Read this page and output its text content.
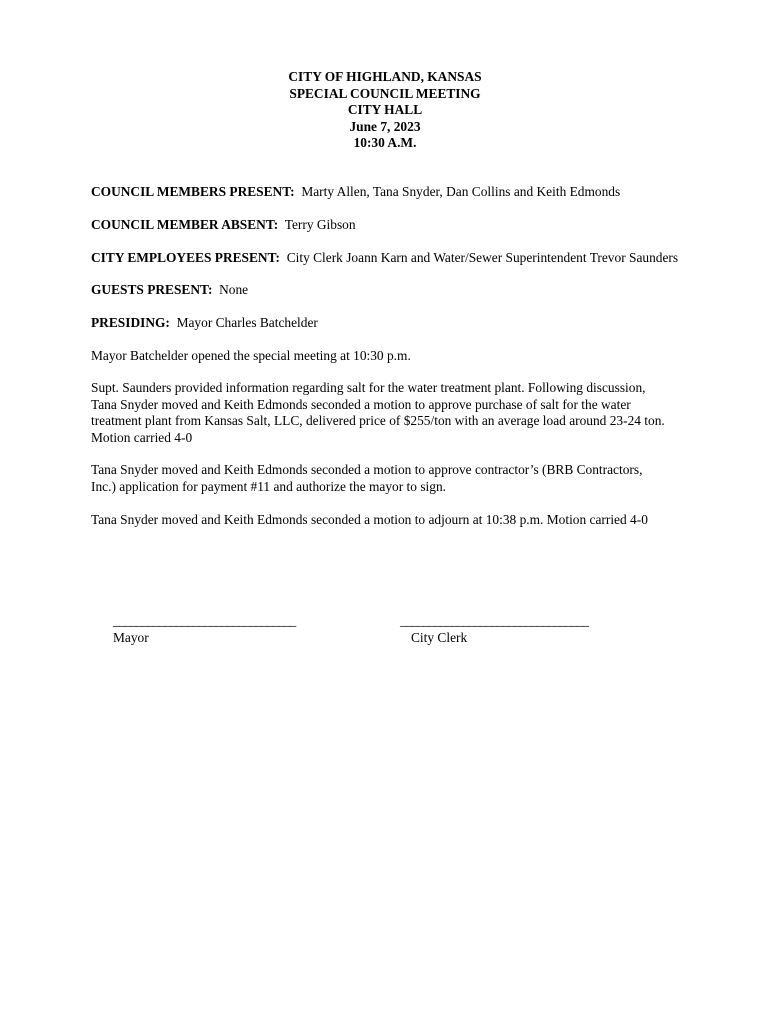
CITY OF HIGHLAND, KANSAS
SPECIAL COUNCIL MEETING
CITY HALL
June 7, 2023
10:30 A.M.
COUNCIL MEMBERS PRESENT: Marty Allen, Tana Snyder, Dan Collins and Keith Edmonds
COUNCIL MEMBER ABSENT: Terry Gibson
CITY EMPLOYEES PRESENT: City Clerk Joann Karn and Water/Sewer Superintendent Trevor Saunders
GUESTS PRESENT: None
PRESIDING: Mayor Charles Batchelder
Mayor Batchelder opened the special meeting at 10:30 p.m.
Supt. Saunders provided information regarding salt for the water treatment plant. Following discussion,
Tana Snyder moved and Keith Edmonds seconded a motion to approve purchase of salt for the water
treatment plant from Kansas Salt, LLC, delivered price of $255/ton with an average load around 23-24 ton.
Motion carried 4-0
Tana Snyder moved and Keith Edmonds seconded a motion to approve contractor’s (BRB Contractors,
Inc.) application for payment #11 and authorize the mayor to sign.
Tana Snyder moved and Keith Edmonds seconded a motion to adjourn at 10:38 p.m. Motion carried 4-0
________________________________
Mayor
_________________________________
City Clerk
